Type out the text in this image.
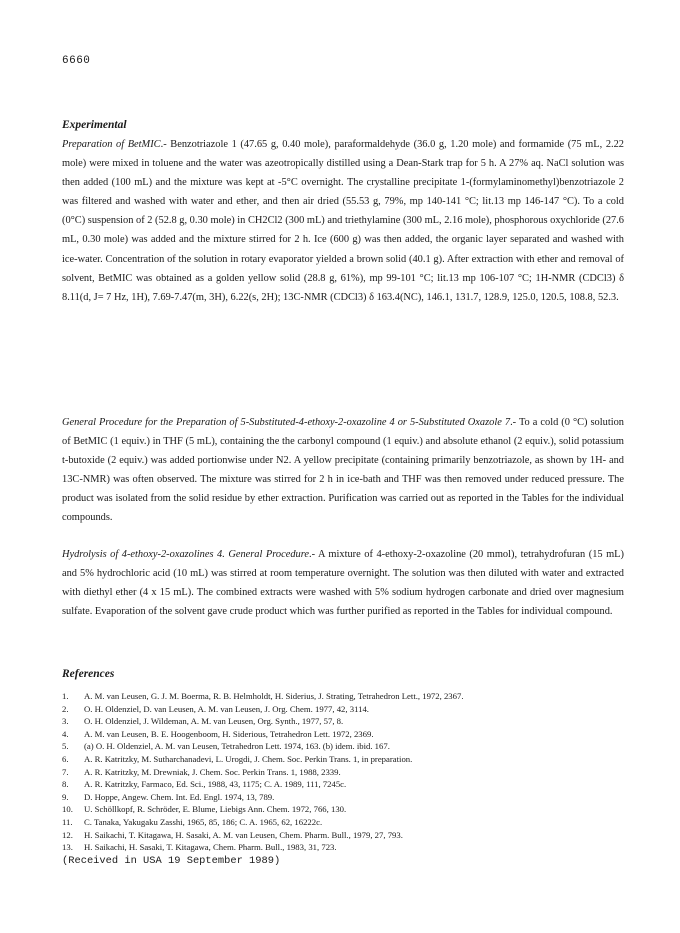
6660
Experimental

Preparation of BetMIC.- Benzotriazole 1 (47.65 g, 0.40 mole), paraformaldehyde (36.0 g, 1.20 mole) and formamide (75 mL, 2.22 mole) were mixed in toluene and the water was azeotropically distilled using a Dean-Stark trap for 5 h. A 27% aq. NaCl solution was then added (100 mL) and the mixture was kept at -5°C overnight. The crystalline precipitate 1-(formylaminomethyl)benzotriazole 2 was filtered and washed with water and ether, and then air dried (55.53 g, 79%, mp 140-141 °C; lit.13 mp 146-147 °C). To a cold (0°C) suspension of 2 (52.8 g, 0.30 mole) in CH2Cl2 (300 mL) and triethylamine (300 mL, 2.16 mole), phosphorous oxychloride (27.6 mL, 0.30 mole) was added and the mixture stirred for 2 h. Ice (600 g) was then added, the organic layer separated and washed with ice-water. Concentration of the solution in rotary evaporator yielded a brown solid (40.1 g). After extraction with ether and removal of solvent, BetMIC was obtained as a golden yellow solid (28.8 g, 61%), mp 99-101 °C; lit.13 mp 106-107 °C; 1H-NMR (CDCl3) δ 8.11(d, J= 7 Hz, 1H), 7.69-7.47(m, 3H), 6.22(s, 2H); 13C-NMR (CDCl3) δ 163.4(NC), 146.1, 131.7, 128.9, 125.0, 120.5, 108.8, 52.3.

General Procedure for the Preparation of 5-Substituted-4-ethoxy-2-oxazoline 4 or 5-Substituted Oxazole 7.- To a cold (0 °C) solution of BetMIC (1 equiv.) in THF (5 mL), containing the the carbonyl compound (1 equiv.) and absolute ethanol (2 equiv.), solid potassium t-butoxide (2 equiv.) was added portionwise under N2. A yellow precipitate (containing primarily benzotriazole, as shown by 1H- and 13C-NMR) was often observed. The mixture was stirred for 2 h in ice-bath and THF was then removed under reduced pressure. The product was isolated from the solid residue by ether extraction. Purification was carried out as reported in the Tables for the individual compounds.

Hydrolysis of 4-ethoxy-2-oxazolines 4. General Procedure.- A mixture of 4-ethoxy-2-oxazoline (20 mmol), tetrahydrofuran (15 mL) and 5% hydrochloric acid (10 mL) was stirred at room temperature overnight. The solution was then diluted with water and extracted with diethyl ether (4 x 15 mL). The combined extracts were washed with 5% sodium hydrogen carbonate and dried over magnesium sulfate. Evaporation of the solvent gave crude product which was further purified as reported in the Tables for individual compound.

References
1.	A. M. van Leusen, G. J. M. Boerma, R. B. Helmholdt, H. Siderius, J. Strating, Tetrahedron Lett., 1972, 2367.
2.	O. H. Oldenziel, D. van Leusen, A. M. van Leusen, J. Org. Chem. 1977, 42, 3114.
3.	O. H. Oldenziel, J. Wildeman, A. M. van Leusen, Org. Synth., 1977, 57, 8.
4.	A. M. van Leusen, B. E. Hoogenboom, H. Siderious, Tetrahedron Lett. 1972, 2369.
5.	(a) O. H. Oldenziel, A. M. van Leusen, Tetrahedron Lett. 1974, 163. (b) idem. ibid. 167.
6.	A. R. Katritzky, M. Sutharchanadevi, L. Urogdi, J. Chem. Soc. Perkin Trans. 1, in preparation.
7.	A. R. Katritzky, M. Drewniak, J. Chem. Soc. Perkin Trans. 1, 1988, 2339.
8.	A. R. Katritzky, Farmaco, Ed. Sci., 1988, 43, 1175; C. A. 1989, 111, 7245c.
9.	D. Hoppe, Angew. Chem. Int. Ed. Engl. 1974, 13, 789.
10.	U. Schöllkopf, R. Schröder, E. Blume, Liebigs Ann. Chem. 1972, 766, 130.
11.	C. Tanaka, Yakugaku Zasshi, 1965, 85, 186; C. A. 1965, 62, 16222c.
12.	H. Saikachi, T. Kitagawa, H. Sasaki, A. M. van Leusen, Chem. Pharm. Bull., 1979, 27, 793.
13.	H. Saikachi, H. Sasaki, T. Kitagawa, Chem. Pharm. Bull., 1983, 31, 723.
(Received in USA 19 September 1989)
